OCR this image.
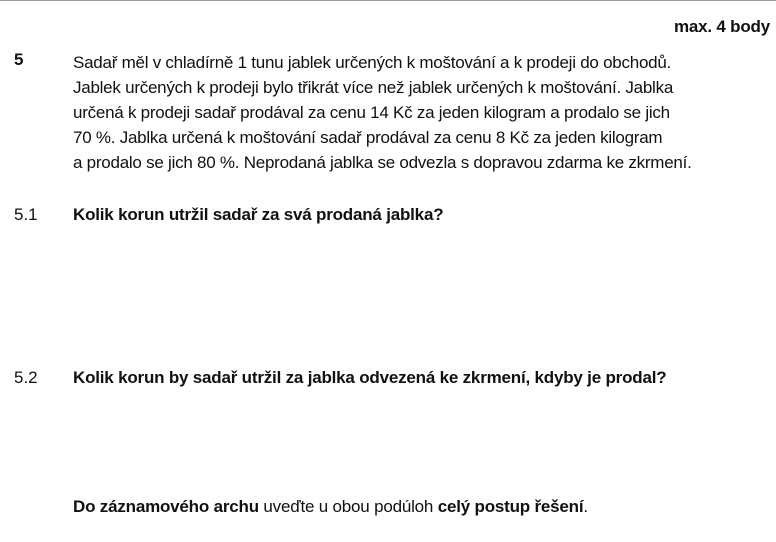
max. 4 body
5	Sadař měl v chladírně 1 tunu jablek určených k moštování a k prodeji do obchodů.
Jablek určených k prodeji bylo třikrát více než jablek určených k moštování. Jablka
určená k prodeji sadař prodával za cenu 14 Kč za jeden kilogram a prodalo se jich
70 %. Jablka určená k moštování sadař prodával za cenu 8 Kč za jeden kilogram
a prodalo se jich 80 %. Neprodaná jablka se odvezla s dopravou zdarma ke zkrmení.
5.1 Kolik korun utržil sadař za svá prodaná jablka?
5.2 Kolik korun by sadař utržil za jablka odvezená ke zkrmení, kdyby je prodal?
Do záznamového archu uveďte u obou podúloh celý postup řešení.
